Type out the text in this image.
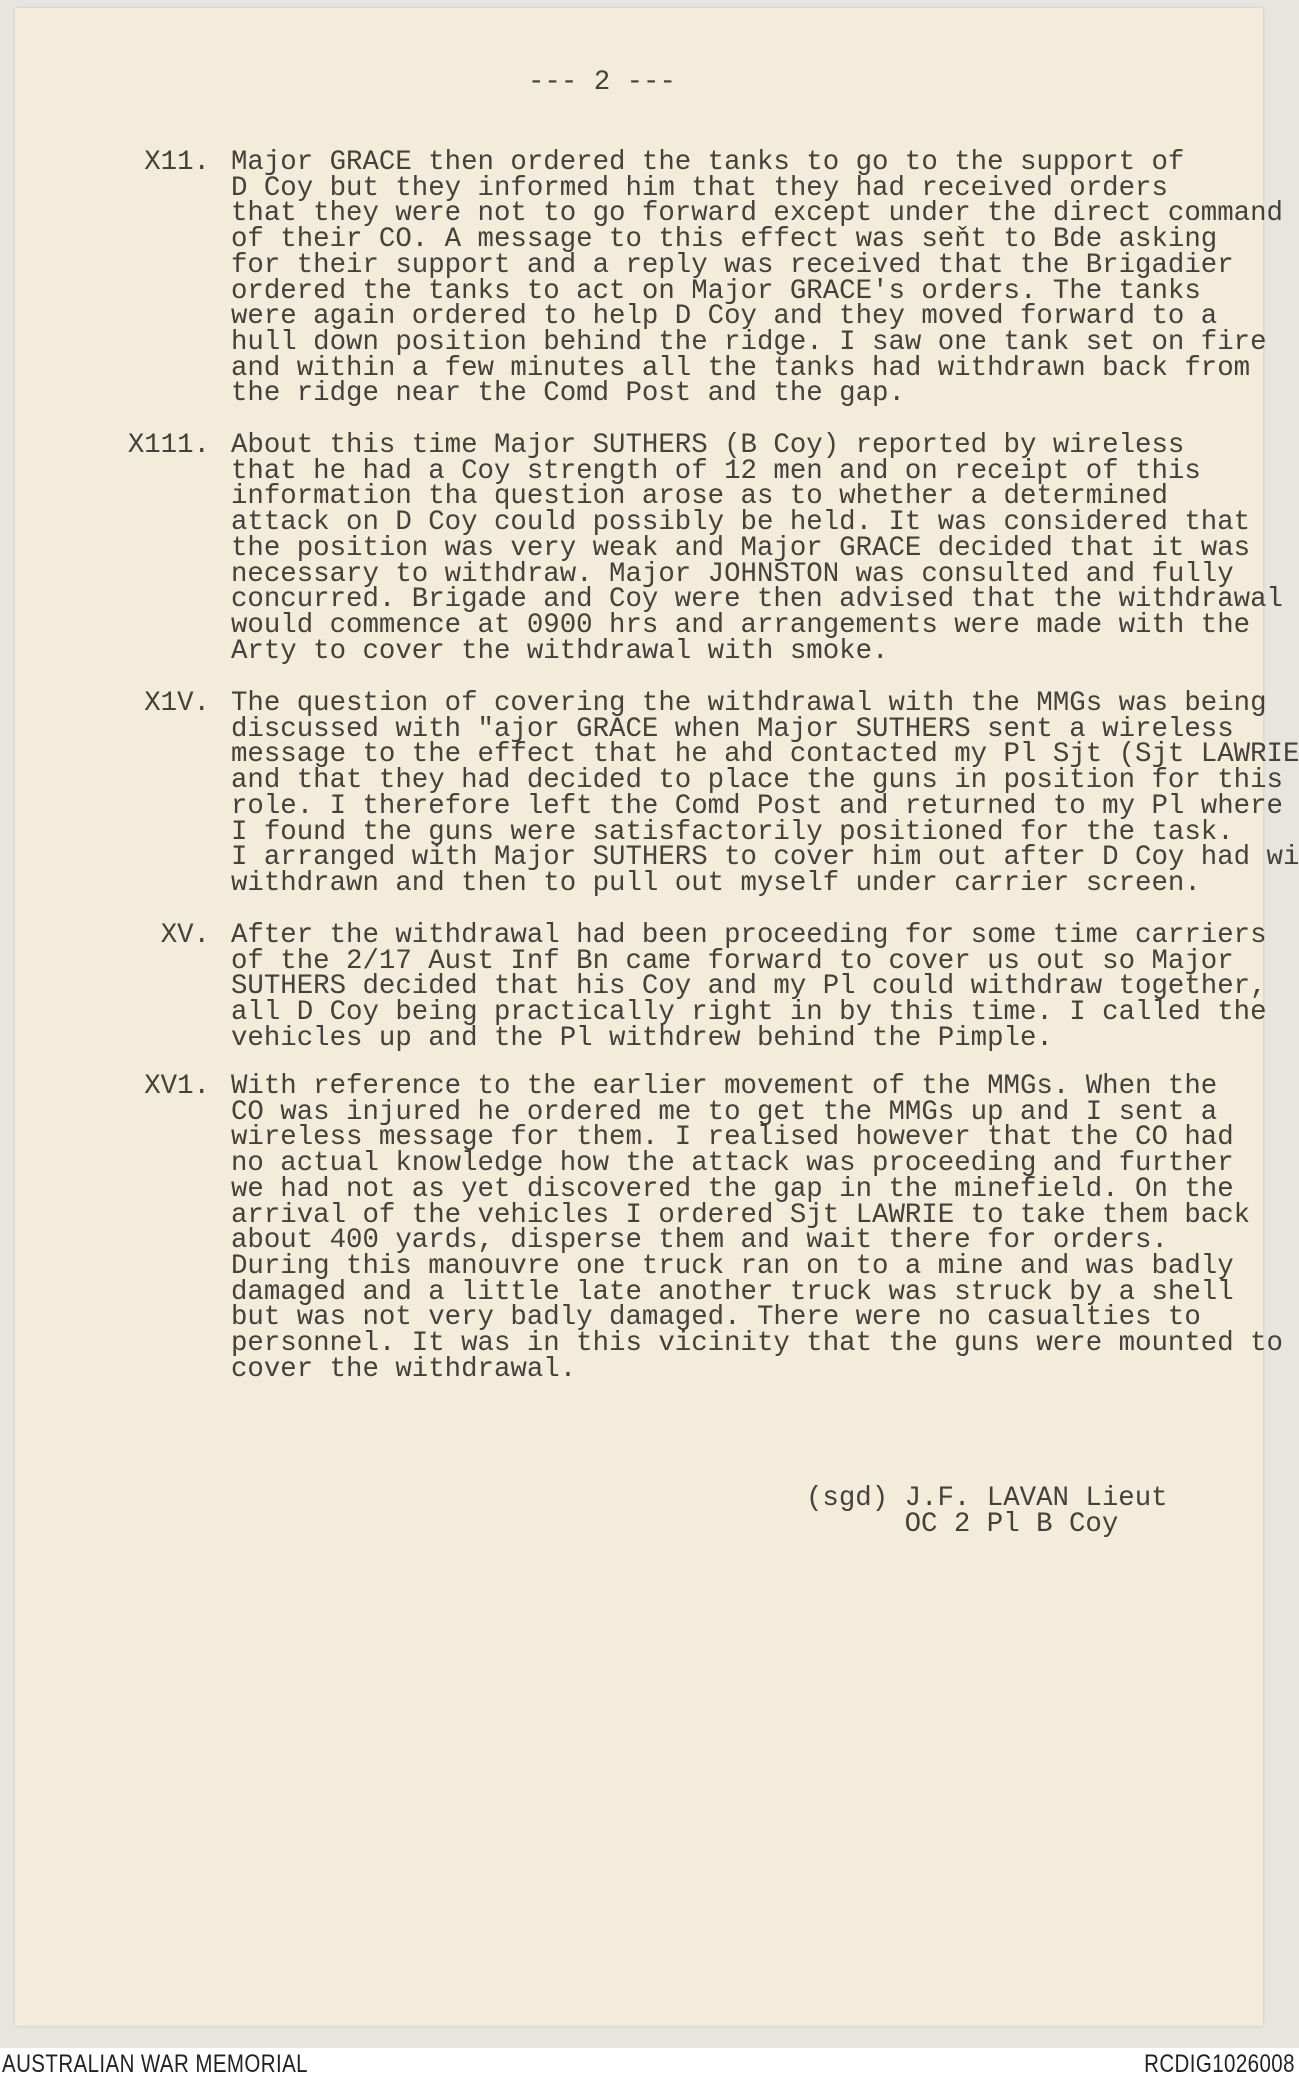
--- 2 ---
X11. Major GRACE then ordered the tanks to go to the support of
D Coy but they informed him that they had received orders
that they were not to go forward except under the direct command
of their CO. A message to this effect was seňt to Bde asking
for their support and a reply was received that the Brigadier
ordered the tanks to act on Major GRACE's orders. The tanks
were again ordered to help D Coy and they moved forward to a
hull down position behind the ridge. I saw one tank set on fire
and within a few minutes all the tanks had withdrawn back from
the ridge near the Comd Post and the gap.
X111. About this time Major SUTHERS (B Coy) reported by wireless
that he had a Coy strength of 12 men and on receipt of this
information tha question arose as to whether a determined
attack on D Coy could possibly be held. It was considered that
the position was very weak and Major GRACE decided that it was
necessary to withdraw. Major JOHNSTON was consulted and fully
concurred. Brigade and Coy were then advised that the withdrawal
would commence at 0900 hrs and arrangements were made with the
Arty to cover the withdrawal with smoke.
X1V. The question of covering the withdrawal with the MMGs was being
discussed with "ajor GRACE when Major SUTHERS sent a wireless
message to the effect that he ahd contacted my Pl Sjt (Sjt LAWRIE
and that they had decided to place the guns in position for this
role. I therefore left the Comd Post and returned to my Pl where
I found the guns were satisfactorily positioned for the task.
I arranged with Major SUTHERS to cover him out after D Coy had wi
withdrawn and then to pull out myself under carrier screen.
XV. After the withdrawal had been proceeding for some time carriers
of the 2/17 Aust Inf Bn came forward to cover us out so Major
SUTHERS decided that his Coy and my Pl could withdraw together,
all D Coy being practically right in by this time. I called the
vehicles up and the Pl withdrew behind the Pimple.
XV1. With reference to the earlier movement of the MMGs. When the
CO was injured he ordered me to get the MMGs up and I sent a
wireless message for them. I realised however that the CO had
no actual knowledge how the attack was proceeding and further
we had not as yet discovered the gap in the minefield. On the
arrival of the vehicles I ordered Sjt LAWRIE to take them back
about 400 yards, disperse them and wait there for orders.
During this manouvre one truck ran on to a mine and was badly
damaged and a little late another truck was struck by a shell
but was not very badly damaged. There were no casualties to
personnel. It was in this vicinity that the guns were mounted to
cover the withdrawal.
(sgd) J.F. LAVAN Lieut
OC 2 Pl B Coy
AUSTRALIAN WAR MEMORIAL	RCDIG1026008
